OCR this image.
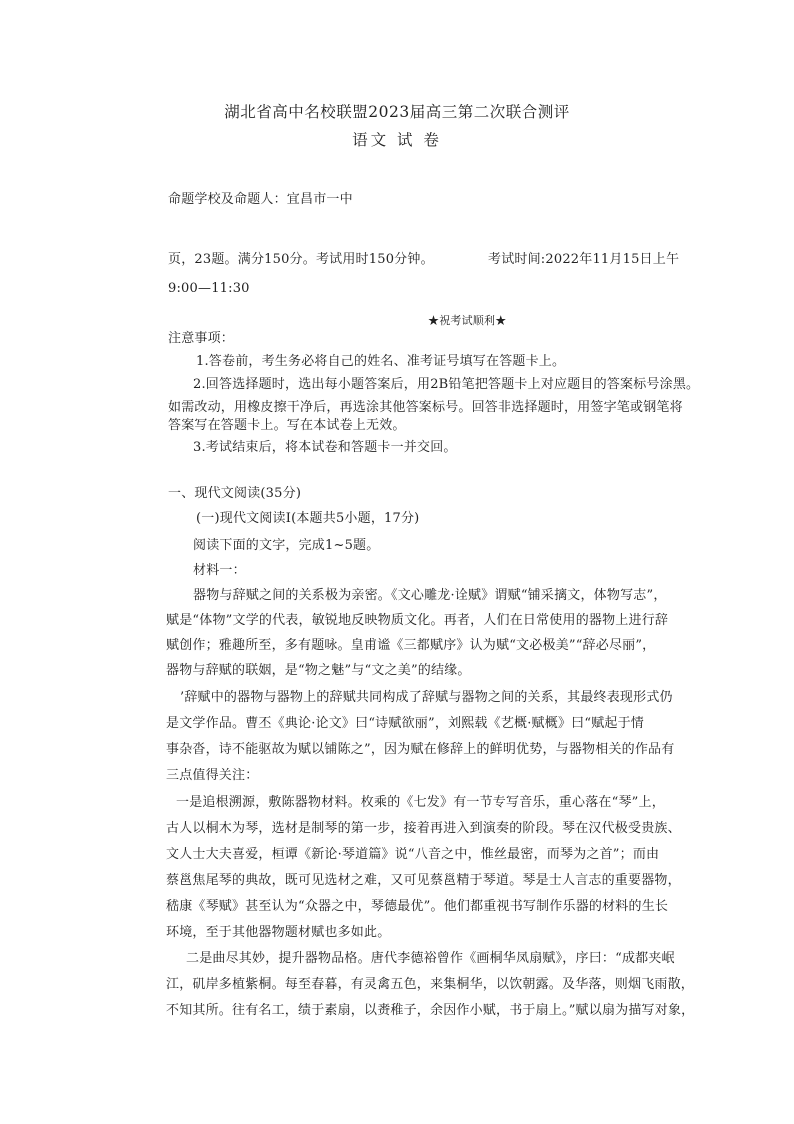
湖北省高中名校联盟2023届高三第二次联合测评
语文 试 卷
命题学校及命题人：宜昌市一中
页，23题。满分150分。考试用时150分钟。	考试时间:2022年11月15日上午
9:00—11:30
★祝考试顺利★
注意事项：
1.答卷前，考生务必将自己的姓名、准考证号填写在答题卡上。
2.回答选择题时，选出每小题答案后，用2B铅笔把答题卡上对应题目的答案标号涂黑。
如需改动，用橡皮擦干净后，再选涂其他答案标号。回答非选择题时，用签字笔或钢笔将
答案写在答题卡上。写在本试卷上无效。
3.考试结束后，将本试卷和答题卡一并交回。
一、现代文阅读(35分)
(一)现代文阅读Ⅰ(本题共5小题，17分)
阅读下面的文字，完成1~5题。
材料一：
器物与辞赋之间的关系极为亲密。《文心雕龙·诠赋》谓赋“铺采摛文，体物写志”，
赋是“体物”文学的代表，敏锐地反映物质文化。再者，人们在日常使用的器物上进行辞
赋创作；雅趣所至，多有题咏。皇甫谧《三都赋序》认为赋“文必极美”“辞必尽丽”，
器物与辞赋的联姻，是“物之魅”与“文之美”的结缘。
’辞赋中的器物与器物上的辞赋共同构成了辞赋与器物之间的关系，其最终表现形式仍
是文学作品。曹丕《典论·论文》曰“诗赋欲丽”，刘熙载《艺概·赋概》曰“赋起于情
事杂沓，诗不能驱故为赋以铺陈之”，因为赋在修辞上的鲜明优势，与器物相关的作品有
三点值得关注：
一是追根溯源，敷陈器物材料。枚乘的《七发》有一节专写音乐，重心落在“琴”上，
古人以桐木为琴，选材是制琴的第一步，接着再进入到演奏的阶段。琴在汉代极受贵族、
文人士大夫喜爱，桓谭《新论·琴道篇》说“八音之中，惟丝最密，而琴为之首”；而由
蔡邕焦尾琴的典故，既可见选材之难，又可见蔡邕精于琴道。琴是士人言志的重要器物，
嵇康《琴赋》甚至认为“众器之中，琴德最优”。他们都重视书写制作乐器的材料的生长
环境，至于其他器物题材赋也多如此。
二是曲尽其妙，提升器物品格。唐代李德裕曾作《画桐华凤扇赋》，序曰：“成都夹岷
江，矶岸多植紫桐。每至春暮，有灵禽五色，来集桐华，以饮朝露。及华落，则烟飞雨散，
不知其所。往有名工，绩于素扇，以赉稚子，余因作小赋，书于扇上。”赋以扇为描写对象，
